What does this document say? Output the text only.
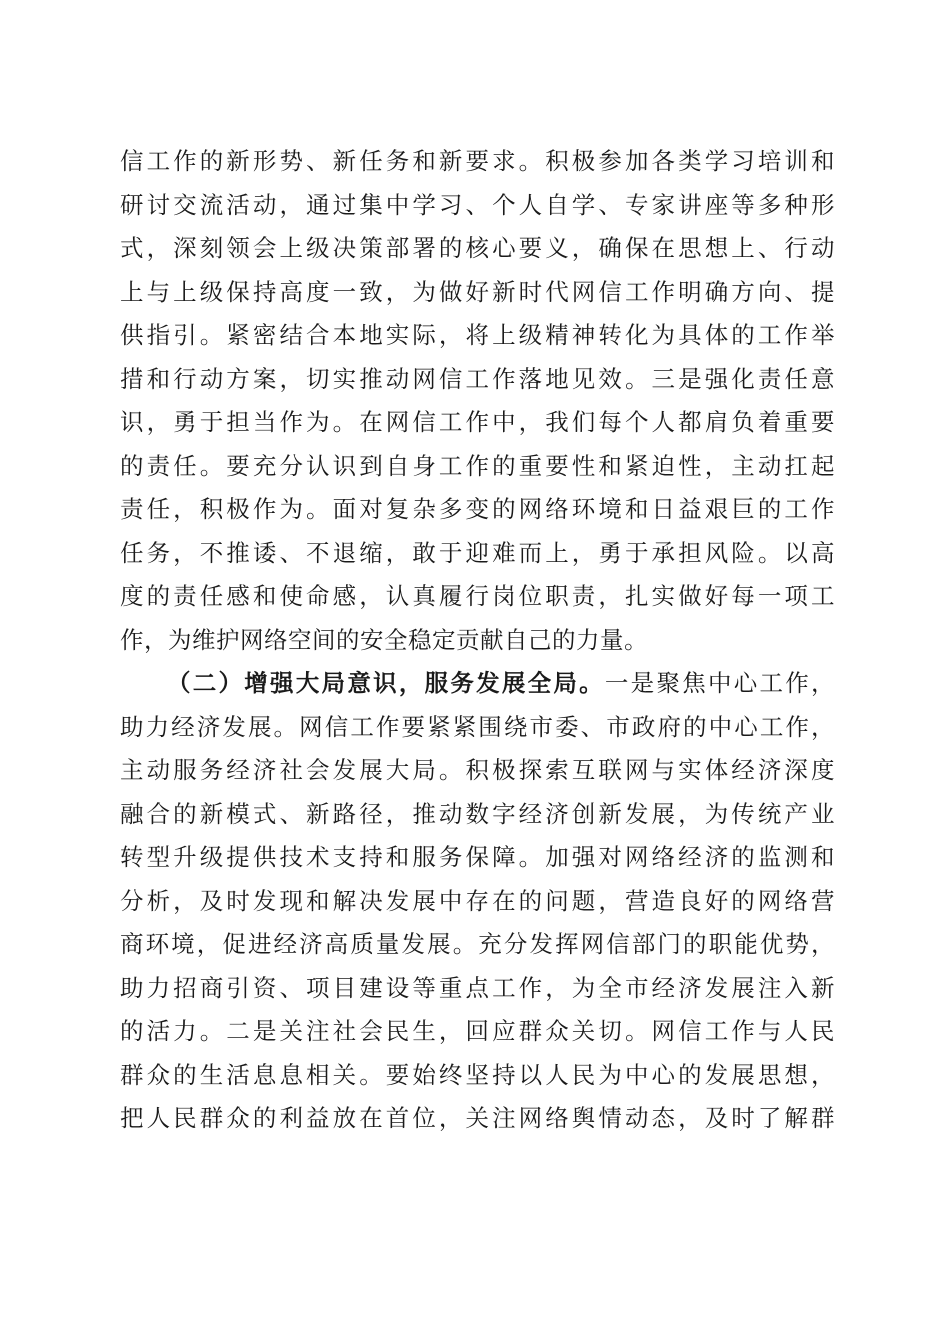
信工作的新形势、新任务和新要求。积极参加各类学习培训和
研讨交流活动，通过集中学习、个人自学、专家讲座等多种形
式，深刻领会上级决策部署的核心要义，确保在思想上、行动
上与上级保持高度一致，为做好新时代网信工作明确方向、提
供指引。紧密结合本地实际，将上级精神转化为具体的工作举
措和行动方案，切实推动网信工作落地见效。三是强化责任意
识，勇于担当作为。在网信工作中，我们每个人都肩负着重要
的责任。要充分认识到自身工作的重要性和紧迫性，主动扛起
责任，积极作为。面对复杂多变的网络环境和日益艰巨的工作
任务，不推诿、不退缩，敢于迎难而上，勇于承担风险。以高
度的责任感和使命感，认真履行岗位职责，扎实做好每一项工
作，为维护网络空间的安全稳定贡献自己的力量。
（二）增强大局意识，服务发展全局。一是聚焦中心工作，
助力经济发展。网信工作要紧紧围绕市委、市政府的中心工作，
主动服务经济社会发展大局。积极探索互联网与实体经济深度
融合的新模式、新路径，推动数字经济创新发展，为传统产业
转型升级提供技术支持和服务保障。加强对网络经济的监测和
分析，及时发现和解决发展中存在的问题，营造良好的网络营
商环境，促进经济高质量发展。充分发挥网信部门的职能优势，
助力招商引资、项目建设等重点工作，为全市经济发展注入新
的活力。二是关注社会民生，回应群众关切。网信工作与人民
群众的生活息息相关。要始终坚持以人民为中心的发展思想，
把人民群众的利益放在首位，关注网络舆情动态，及时了解群
